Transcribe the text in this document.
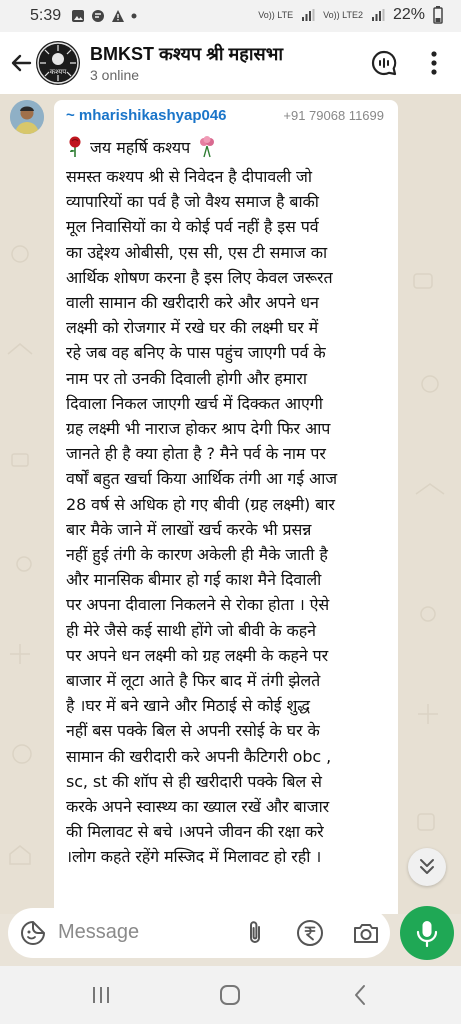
5:39	Vo)) LTE	Vo)) LTE2 22%
कश्यप
BMKST कश्यप श्री महासभा
3 online
~ mharishikashyap046	+91 79068 11699
जय महर्षि कश्यप
समस्त कश्यप श्री से निवेदन है दीपावली जो
व्यापारियों का पर्व है जो वैश्य समाज है बाकी
मूल निवासियों का ये कोई पर्व नहीं है इस पर्व
का उद्देश्य ओबीसी, एस सी, एस टी समाज का
आर्थिक शोषण करना है इस लिए केवल जरूरत
वाली सामान की खरीदारी करे और अपने धन
लक्ष्मी को रोजगार में रखे घर की लक्ष्मी घर में
रहे जब वह बनिए के पास पहुंच जाएगी पर्व के
नाम पर तो उनकी दिवाली होगी और हमारा
दिवाला निकल जाएगी खर्च में दिक्कत आएगी
ग्रह लक्ष्मी भी नाराज होकर श्राप देगी फिर आप
जानते ही है क्या होता है ? मैने पर्व के नाम पर
वर्षों बहुत खर्चा किया आर्थिक तंगी आ गई आज
28 वर्ष से अधिक हो गए बीवी (ग्रह लक्ष्मी) बार
बार मैके जाने में लाखों खर्च करके भी प्रसन्न
नहीं हुई तंगी के कारण अकेली ही मैके जाती है
और मानसिक बीमार हो गई काश मैने दिवाली
पर अपना दीवाला निकलने से रोका होता । ऐसे
ही मेरे जैसे कई साथी होंगे जो बीवी के कहने
पर अपने धन लक्ष्मी को ग्रह लक्ष्मी के कहने पर
बाजार में लूटा आते है फिर बाद में तंगी झेलते
है ।घर में बने खाने और मिठाई से कोई शुद्ध
नहीं बस पक्के बिल से अपनी रसोई के घर के
सामान की खरीदारी करे अपनी कैटिगरी obc ,
sc, st की शॉप से ही खरीदारी पक्के बिल से
करके अपने स्वास्थ्य का ख्याल रखें और बाजार
की मिलावट से बचे ।अपने जीवन की रक्षा करे
।लोग कहते रहेंगे मस्जिद में मिलावट हो रही ।
Message
